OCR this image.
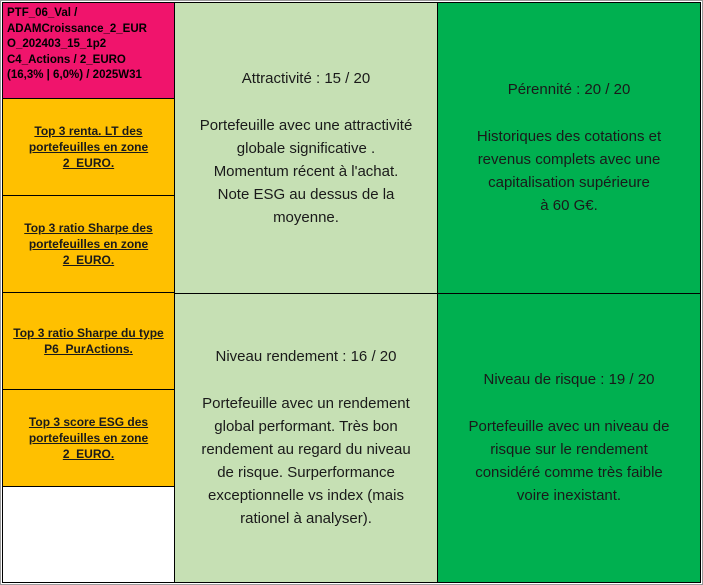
PTF_06_Val /
ADAMCroissance_2_EUR
O_202403_15_1p2
C4_Actions / 2_EURO
(16,3% | 6,0%) / 2025W31
Top 3 renta. LT des portefeuilles en zone 2_EURO.
Top 3 ratio Sharpe des portefeuilles en zone 2_EURO.
Top 3 ratio Sharpe du type P6_PurActions.
Top 3 score ESG des portefeuilles en zone 2_EURO.
Attractivité : 15 / 20
Portefeuille avec une attractivité
globale significative .
Momentum récent à l'achat.
Note ESG au dessus de la
moyenne.
Pérennité : 20 / 20
Historiques des cotations et
revenus complets avec une
capitalisation supérieure
à 60 G€.
Niveau rendement : 16 / 20
Portefeuille avec un rendement
global performant. Très bon
rendement au regard du niveau
de risque. Surperformance
exceptionnelle vs index (mais
rationel à analyser).
Niveau de risque : 19 / 20
Portefeuille avec un niveau de
risque sur le rendement
considéré comme très faible
voire inexistant.
